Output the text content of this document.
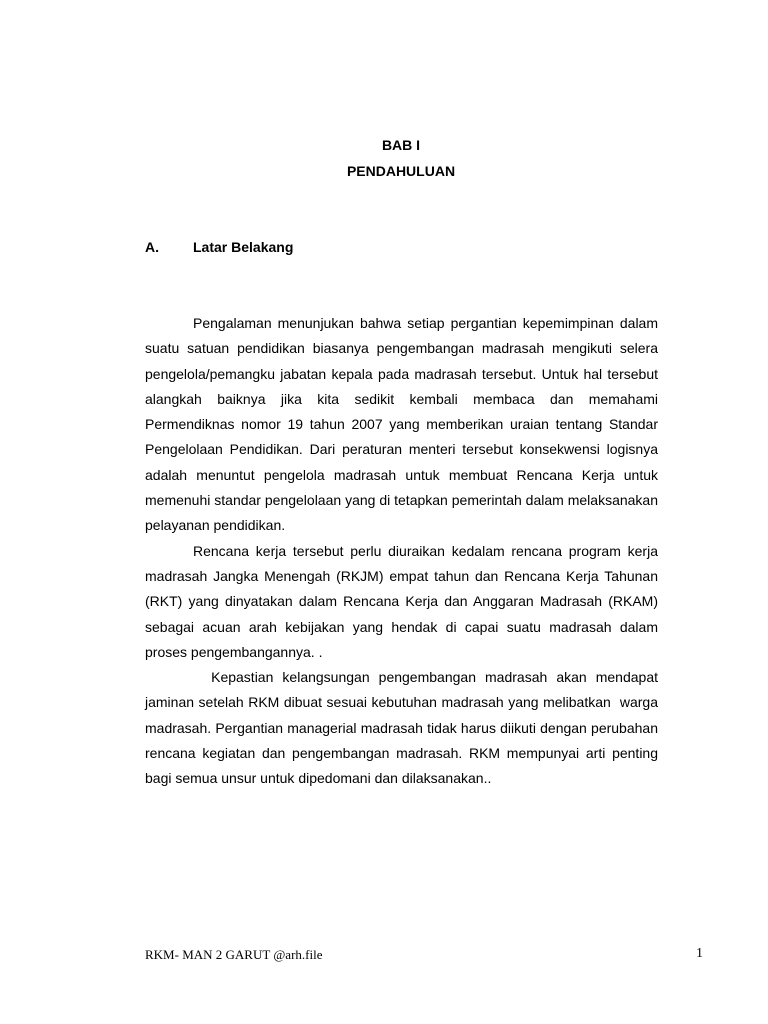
BAB I
PENDAHULUAN
A. Latar Belakang

Pengalaman menunjukan bahwa setiap pergantian kepemimpinan dalam suatu satuan pendidikan biasanya pengembangan madrasah mengikuti selera pengelola/pemangku jabatan kepala pada madrasah tersebut. Untuk hal tersebut alangkah baiknya jika kita sedikit kembali membaca dan memahami Permendiknas nomor 19 tahun 2007 yang memberikan uraian tentang Standar Pengelolaan Pendidikan. Dari peraturan menteri tersebut konsekwensi logisnya adalah menuntut pengelola madrasah untuk membuat Rencana Kerja untuk memenuhi standar pengelolaan yang di tetapkan pemerintah dalam melaksanakan pelayanan pendidikan.

Rencana kerja tersebut perlu diuraikan kedalam rencana program kerja madrasah Jangka Menengah (RKJM) empat tahun dan Rencana Kerja Tahunan (RKT) yang dinyatakan dalam Rencana Kerja dan Anggaran Madrasah (RKAM) sebagai acuan arah kebijakan yang hendak di capai suatu madrasah dalam proses pengembangannya. .

Kepastian kelangsungan pengembangan madrasah akan mendapat jaminan setelah RKM dibuat sesuai kebutuhan madrasah yang melibatkan  warga madrasah. Pergantian managerial madrasah tidak harus diikuti dengan perubahan rencana kegiatan dan pengembangan madrasah. RKM mempunyai arti penting bagi semua unsur untuk dipedomani dan dilaksanakan..

RKM- MAN 2 GARUT @arh.file	1
